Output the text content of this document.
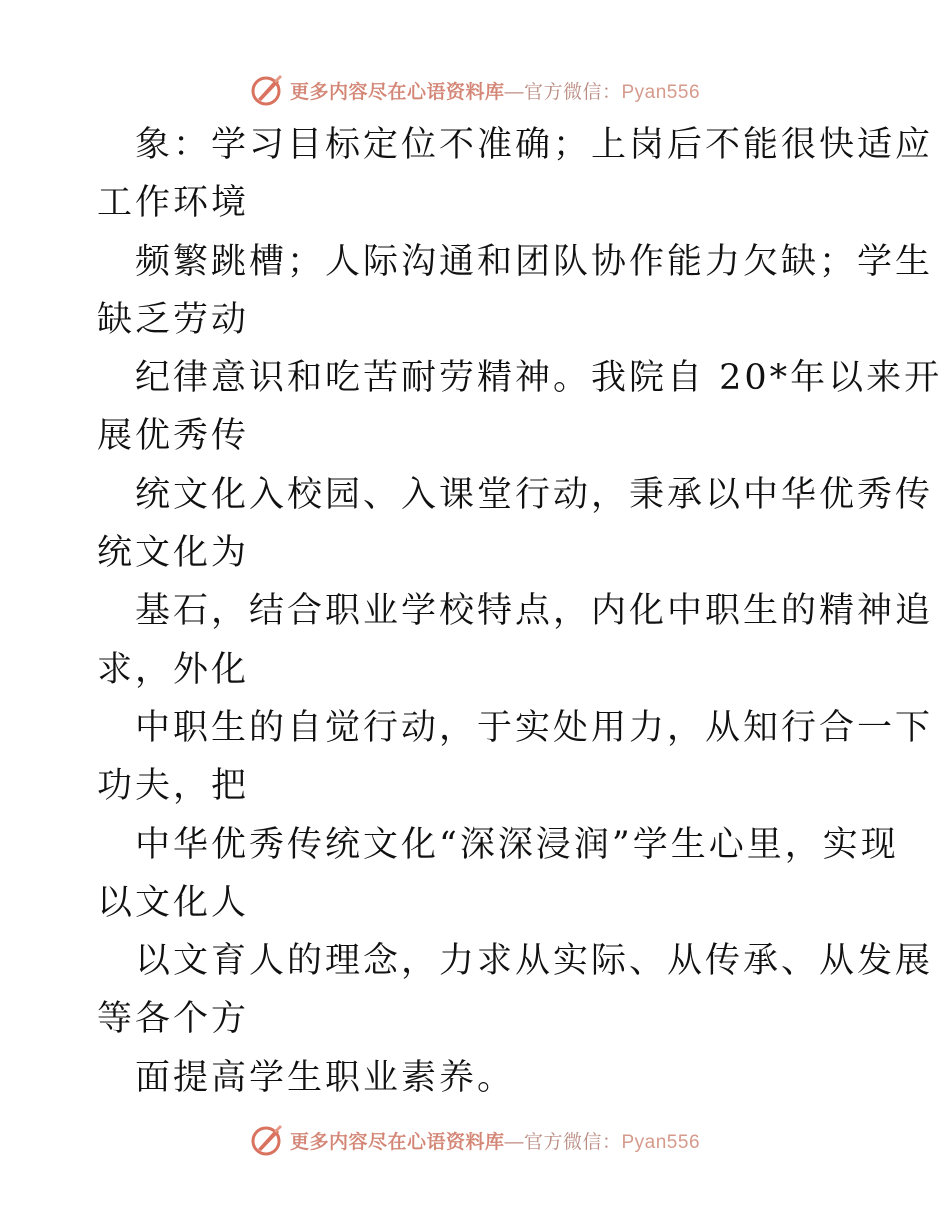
更多内容尽在心语资料库—官方微信：Pyan556

象：学习目标定位不准确；上岗后不能很快适应
工作环境

频繁跳槽；人际沟通和团队协作能力欠缺；学生
缺乏劳动

纪律意识和吃苦耐劳精神。我院自 20*年以来开
展优秀传

统文化入校园、入课堂行动，秉承以中华优秀传
统文化为

基石，结合职业学校特点，内化中职生的精神追
求，外化

中职生的自觉行动，于实处用力，从知行合一下
功夫，把

中华优秀传统文化“深深浸润”学生心里，实现
以文化人

以文育人的理念，力求从实际、从传承、从发展
等各个方

面提高学生职业素养。

更多内容尽在心语资料库—官方微信：Pyan556
